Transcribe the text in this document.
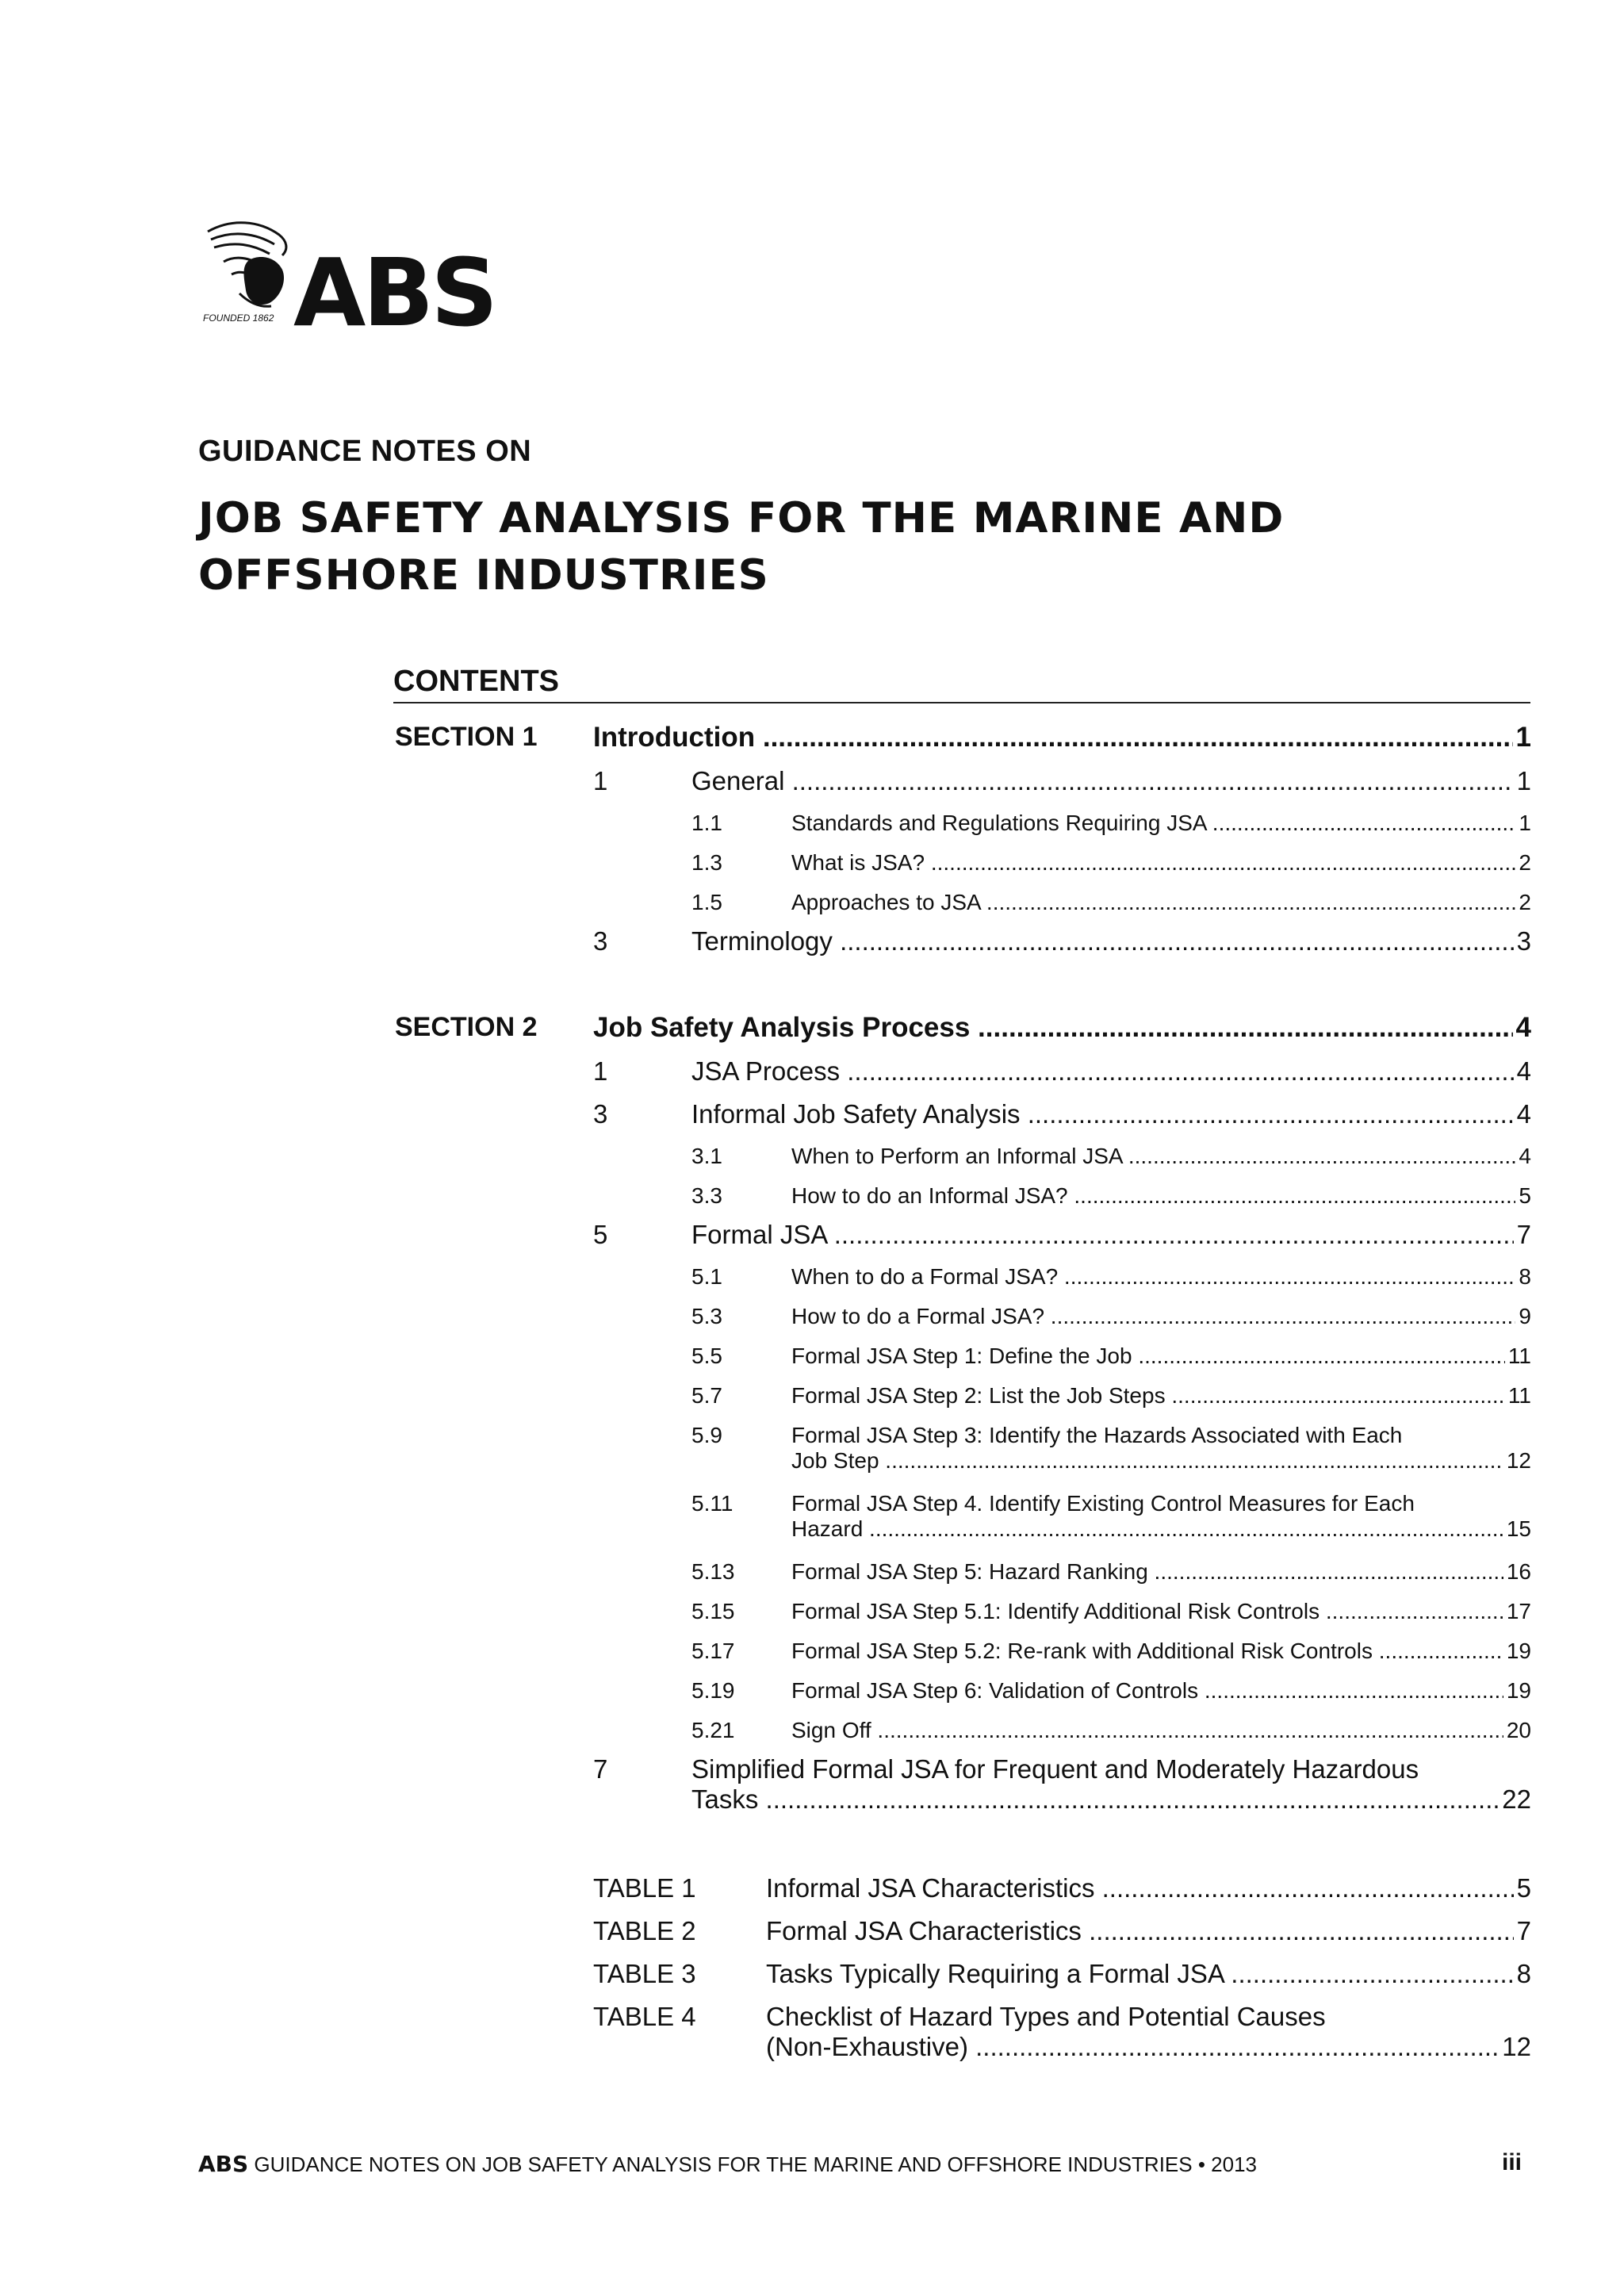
ABS
FOUNDED 1862
GUIDANCE NOTES ON
JOB SAFETY ANALYSIS FOR THE MARINE AND
OFFSHORE INDUSTRIES
CONTENTS
SECTION 1 Introduction .....	1
1	General .....	1
1.1	Standards and Regulations Requiring JSA .....	1
1.3	What is JSA? .....	2
1.5	Approaches to JSA .....	2
3	Terminology .....	3
SECTION 2 Job Safety Analysis Process .....	4
1	JSA Process .....	4
3	Informal Job Safety Analysis .....	4
3.1	When to Perform an Informal JSA .....	4
3.3	How to do an Informal JSA? .....	5
5	Formal JSA .....	7
5.1	When to do a Formal JSA? .....	8
5.3	How to do a Formal JSA? .....	9
5.5	Formal JSA Step 1: Define the Job .....	11
5.7	Formal JSA Step 2: List the Job Steps .....	11
5.9	Formal JSA Step 3: Identify the Hazards Associated with Each
Job Step .....	12
5.11	Formal JSA Step 4. Identify Existing Control Measures for Each
Hazard .....	15
5.13	Formal JSA Step 5: Hazard Ranking .....	16
5.15	Formal JSA Step 5.1: Identify Additional Risk Controls .....	17
5.17	Formal JSA Step 5.2: Re-rank with Additional Risk Controls .....	19
5.19	Formal JSA Step 6: Validation of Controls .....	19
5.21	Sign Off .....	20
7	Simplified Formal JSA for Frequent and Moderately Hazardous
Tasks .....	22
TABLE 1	Informal JSA Characteristics .....	5
TABLE 2	Formal JSA Characteristics .....	7
TABLE 3	Tasks Typically Requiring a Formal JSA .....	8
TABLE 4	Checklist of Hazard Types and Potential Causes
(Non-Exhaustive) .....	12
ABS GUIDANCE NOTES ON JOB SAFETY ANALYSIS FOR THE MARINE AND OFFSHORE INDUSTRIES • 2013	iii
